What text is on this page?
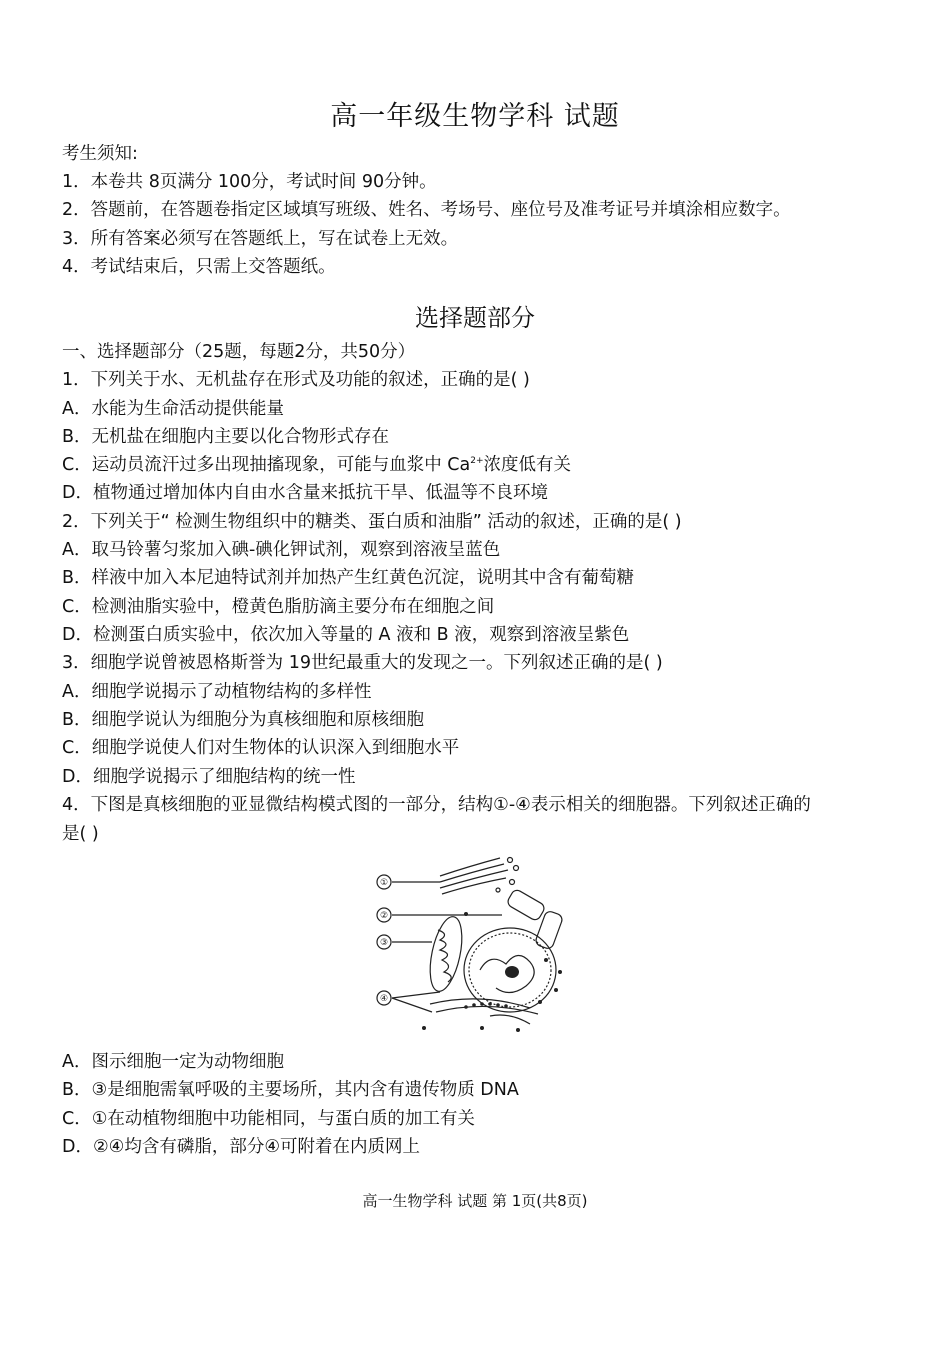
高一年级生物学科 试题
考生须知:
1．本卷共 8页满分 100分，考试时间 90分钟。
2．答题前，在答题卷指定区域填写班级、姓名、考场号、座位号及准考证号并填涂相应数字。
3．所有答案必须写在答题纸上，写在试卷上无效。
4．考试结束后，只需上交答题纸。
选择题部分
一、选择题部分（25题，每题2分，共50分）
1．下列关于水、无机盐存在形式及功能的叙述，正确的是( )
A．水能为生命活动提供能量
B．无机盐在细胞内主要以化合物形式存在
C．运动员流汗过多出现抽搐现象，可能与血浆中 $Ca^{2+}$浓度低有关
D．植物通过增加体内自由水含量来抵抗干旱、低温等不良环境
2．下列关于“ 检测生物组织中的糖类、蛋白质和油脂” 活动的叙述，正确的是( )
A．取马铃薯匀浆加入碘-碘化钾试剂，观察到溶液呈蓝色
B．样液中加入本尼迪特试剂并加热产生红黄色沉淀，说明其中含有葡萄糖
C．检测油脂实验中，橙黄色脂肪滴主要分布在细胞之间
D．检测蛋白质实验中，依次加入等量的 A 液和 B 液，观察到溶液呈紫色
3．细胞学说曾被恩格斯誉为 19世纪最重大的发现之一。下列叙述正确的是( )
A．细胞学说揭示了动植物结构的多样性
B．细胞学说认为细胞分为真核细胞和原核细胞
C．细胞学说使人们对生物体的认识深入到细胞水平
D．细胞学说揭示了细胞结构的统一性
4．下图是真核细胞的亚显微结构模式图的一部分，结构①-④表示相关的细胞器。下列叙述正确的
是( )
①
②
③
④
A．图示细胞一定为动物细胞
B．③是细胞需氧呼吸的主要场所，其内含有遗传物质 DNA
C．①在动植物细胞中功能相同，与蛋白质的加工有关
D．②④均含有磷脂，部分④可附着在内质网上
高一生物学科 试题 第 1页(共8页)
